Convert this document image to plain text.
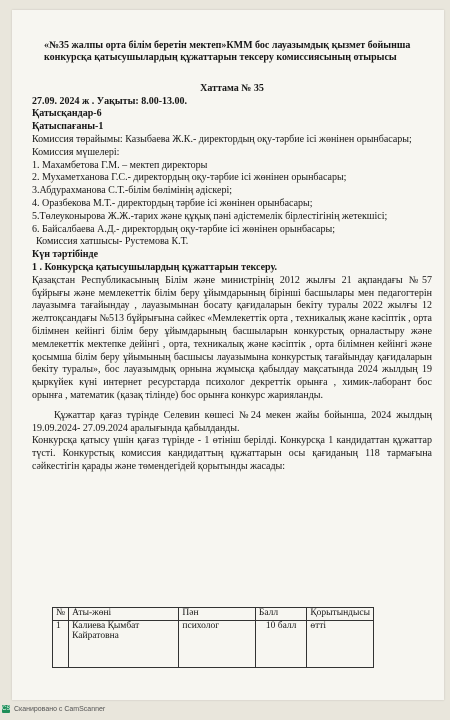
«№35 жалпы орта білім беретін мектеп»КММ бос лауазымдық қызмет бойынша конкурсқа қатысушылардың құжаттарын тексеру комиссиясының отырысы

Хаттама № 35

27.09. 2024 ж . Уақыты: 8.00-13.00.

Қатысқандар-6

Қатыспағаны-1

Комиссия төрайымы: Казыбаева Ж.К.- директордың оқу-тәрбие ісі жөнінен орынбасары;

Комиссия мүшелері:

1. Махамбетова Г.М. – мектеп директоры

2. Мухаметханова Г.С.- директордың оқу-тәрбие ісі жөнінен орынбасары;

3.Абдурахманова С.Т.-білім бөлімінің әдіскері;

4. Оразбекова М.Т.- директордың тәрбие ісі жөнінен орынбасары;

5.Төлеуконырова Ж.Ж.-тарих және құқық пәні әдістемелік бірлестігінің жетекшісі;

6. Байсалбаева А.Д.- директордың оқу-тәрбие ісі жөнінен орынбасары;

Комиссия хатшысы- Рустемова К.Т.

Күн тәртібінде

1 . Конкурсқа қатысушылардың құжаттарын тексеру.

Қазақстан Республикасының Білім және министрінің 2012 жылғы 21 ақпандағы №57 бұйрығы және мемлекеттік білім беру ұйымдарының бірінші басшылары мен педагогтерін лауазымға тағайындау , лауазымынан босату қағидаларын бекіту туралы 2022 жылғы 12 желтоқсандағы №513 бұйрығына сәйкес «Мемлекеттік орта , техникалық және кәсіптік , орта білімнен кейінгі білім беру ұйымдарының басшыларын конкурстық орналастыру және мемлекеттік мектепке дейінгі , орта, техникалық және кәсіптік , орта білімнен кейінгі және қосымша білім беру ұйымының басшысы лауазымына конкурстық тағайындау қағидаларын бекіту туралы», бос лауазымдық орнына жұмысқа қабылдау мақсатында 2024 жылдың 19 қыркүйек күні интернет ресурстарда психолог декреттік орынға , химик-лаборант бос орынға , математик (қазақ тілінде) бос орынға конкурс жарияланды.

Құжаттар қағаз түрінде Селевин көшесі №24 мекен жайы бойынша, 2024 жылдың 19.09.2024- 27.09.2024 аралығында қабылданды.

Конкурсқа қатысу үшін қағаз түрінде - 1 өтініш берілді. Конкурсқа 1 кандидаттан құжаттар түсті. Конкурстық комиссия кандидаттың құжаттарын осы қағиданың 118 тармағына сәйкестігін қарады және төмендегідей қорытынды жасады:

№	Аты-жөні	Пән	Балл	Қорытындысы
1	Калиева Қымбат Кайратовна	психолог	10 балл	өтті
CS Сканировано с CamScanner
